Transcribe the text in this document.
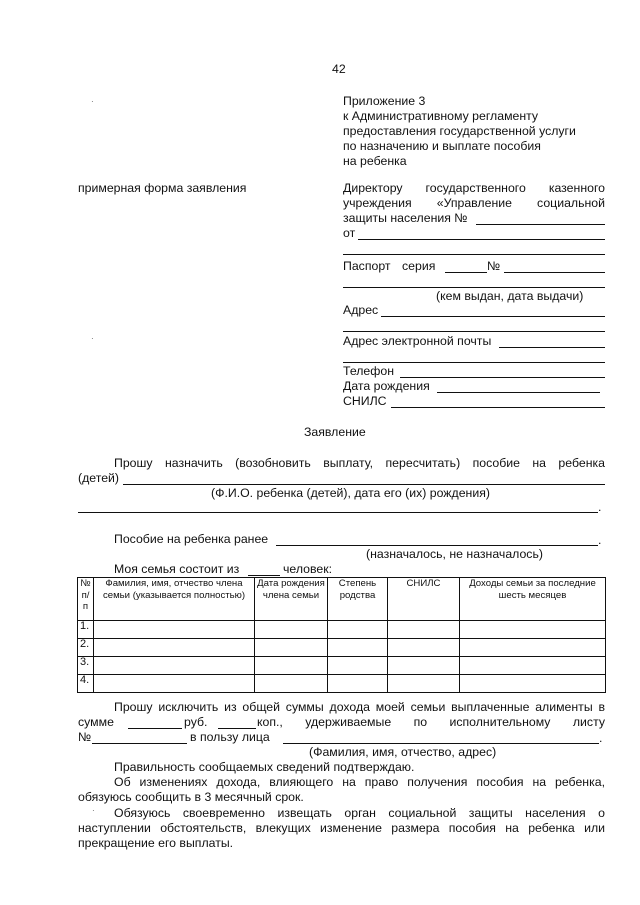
42
·
·
Приложение 3
к Административному регламенту
предоставления государственной услуги
по назначению и выплате пособия
на ребенка
примерная форма заявления	Директору государственного казенного
учреждения «Управление социальной
защиты населения №
от
Паспорт серия	№
(кем выдан, дата выдачи)
Адрес
Адрес электронной почты
Телефон
Дата рождения
СНИЛС
Заявление
Прошу назначить (возобновить выплату, пересчитать) пособие на ребенка
(детей)
(Ф.И.О. ребенка (детей), дата его (их) рождения)
.
Пособие на ребенка ранее	.
(назначалось, не назначалось)
Моя семья состоит из	человек:
№ п/ п	Фамилия, имя, отчество члена семьи (указывается полностью)	Дата рождения члена семьи	Степень родства	СНИЛС	Доходы семьи за последние шесть месяцев
1.					
2.					
3.					
4.					
Прошу исключить из общей суммы дохода моей семьи выплаченные алименты в
сумме	руб.	коп., удерживаемые по исполнительному листу
№	в пользу лица	.
(Фамилия, имя, отчество, адрес)
Правильность сообщаемых сведений подтверждаю.
Об изменениях дохода, влияющего на право получения пособия на ребенка,
обязуюсь сообщить в 3 месячный срок.
· Обязуюсь своевременно извещать орган социальной защиты населения о
наступлении обстоятельств, влекущих изменение размера пособия на ребенка или
прекращение его выплаты.
